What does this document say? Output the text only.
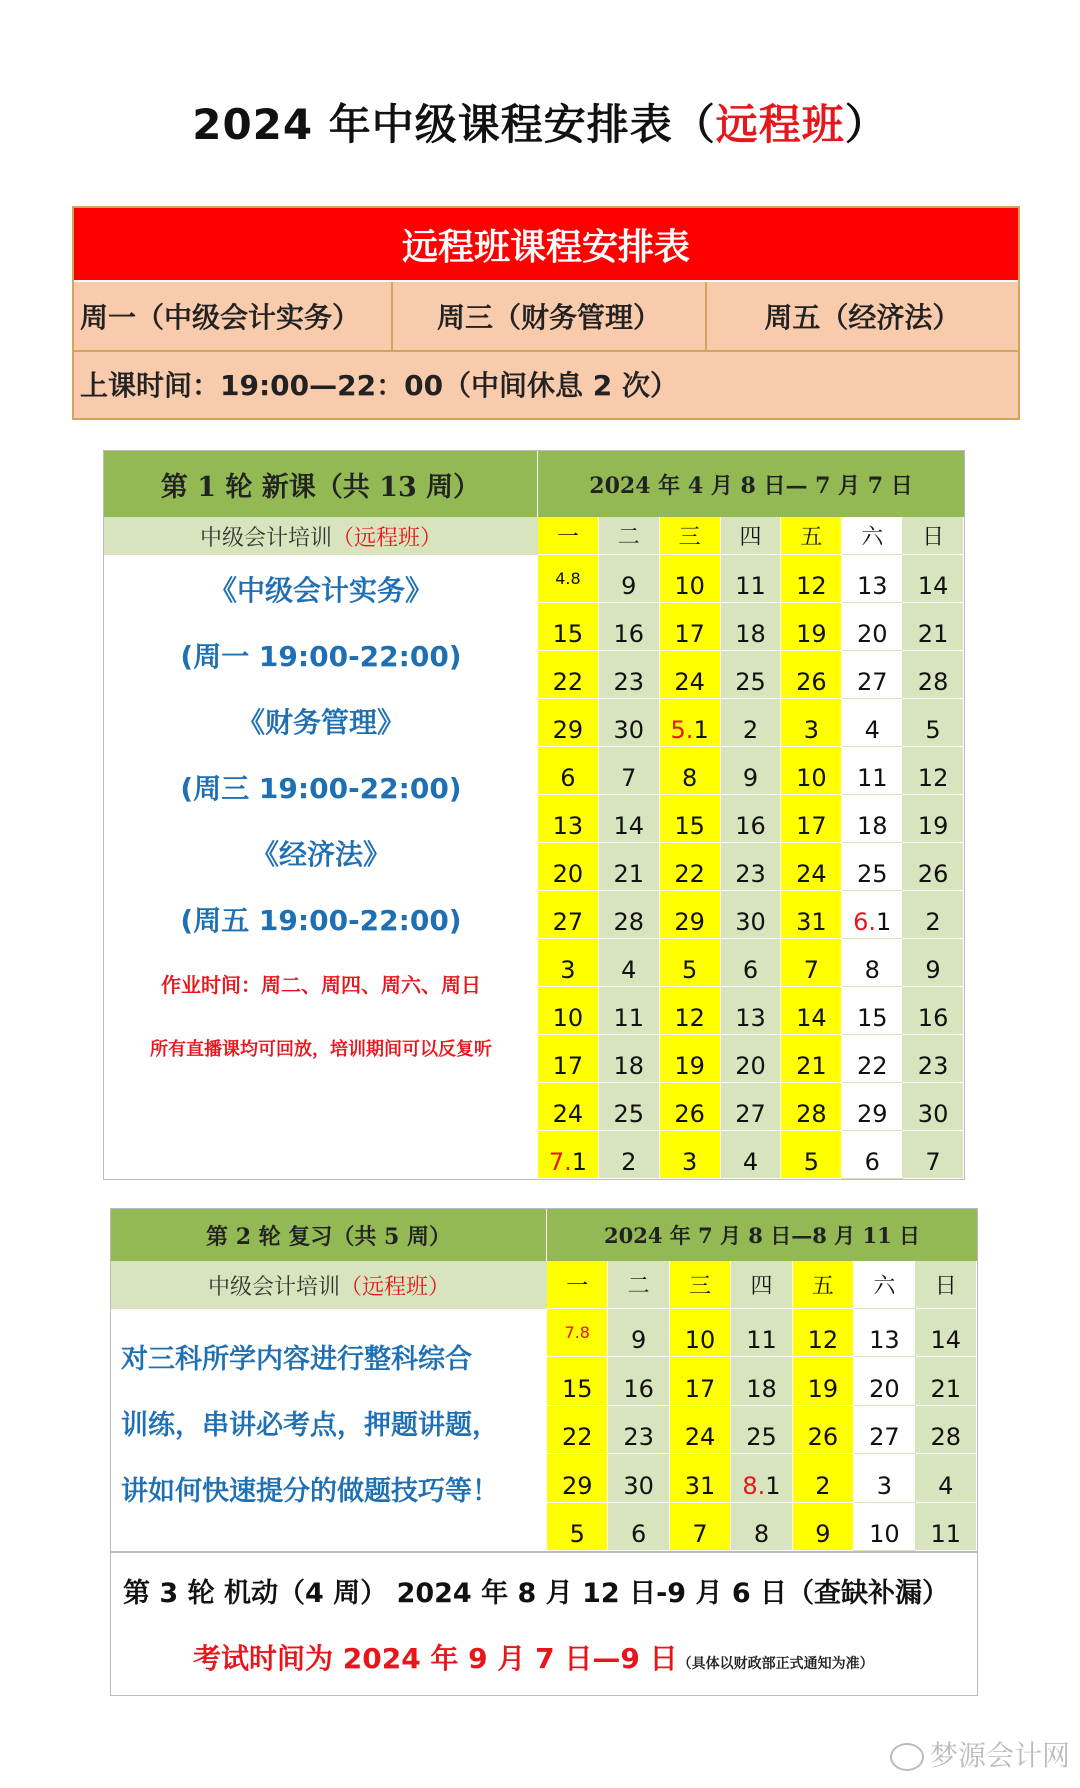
2024 年中级课程安排表（远程班）
远程班课程安排表
周一（中级会计实务）	周三（财务管理）	周五（经济法）
上课时间：19:00—22：00（中间休息 2 次）
第 1 轮 新课（共 13 周）	2024 年 4 月 8 日— 7 月 7 日
中级会计培训 （远程班）
《中级会计实务》
(周一 19:00-22:00)
《财务管理》
(周三 19:00-22:00)
《经济法》
(周五 19:00-22:00)
作业时间：周二、周四、周六、周日
所有直播课均可回放，培训期间可以反复听
一	二	三	四	五	六	日
4.8	9	10	11	12	13	14
15	16	17	18	19	20	21
22	23	24	25	26	27	28
29	30	5. 1	2	3	4	5
6	7	8	9	10	11	12
13	14	15	16	17	18	19
20	21	22	23	24	25	26
27	28	29	30	31	6. 1	2
3	4	5	6	7	8	9
10	11	12	13	14	15	16
17	18	19	20	21	22	23
24	25	26	27	28	29	30
7. 1	2	3	4	5	6	7
第 2 轮 复习（共 5 周）	2024 年 7 月 8 日—8 月 11 日
中级会计培训 （远程班）
对三科所学内容进行整科综合
训练，串讲必考点，押题讲题，
讲如何快速提分的做题技巧等！
一	二	三	四	五	六	日
7.8	9	10	11	12	13	14
15	16	17	18	19	20	21
22	23	24	25	26	27	28
29	30	31	8. 1	2	3	4
5	6	7	8	9	10	11
第 3 轮 机动（4 周） 2024 年 8 月 12 日-9 月 6 日（查缺补漏）
考试时间为 2024 年 9 月 7 日—9 日（具体以财政部正式通知为准）
梦源会计网
